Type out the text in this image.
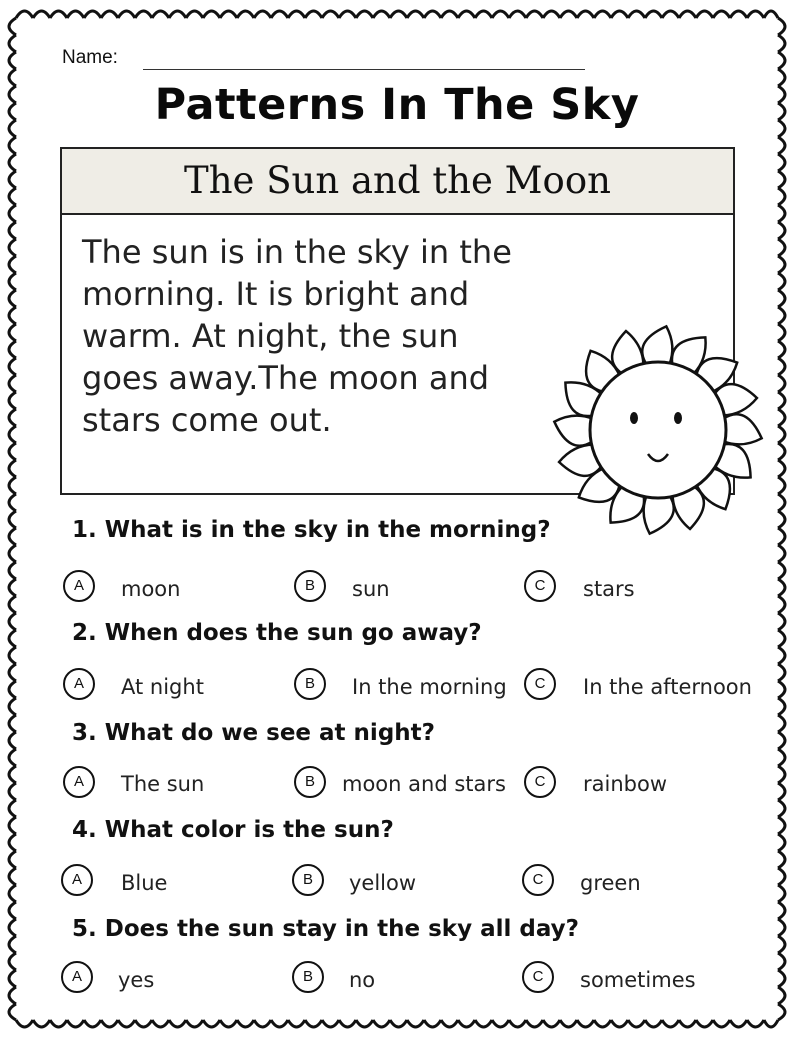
Name:
Patterns In The Sky
The Sun and the Moon
The sun is in the sky in the
morning. It is bright and
warm. At night, the sun
goes away.The moon and
stars come out.
1. What is in the sky in the morning?
A	moon	B	sun	C	stars
2. When does the sun go away?
A	At night	B	In the morning	C	In the afternoon
3. What do we see at night?
A	The sun	B	moon and stars	C	rainbow
4. What color is the sun?
A	Blue	B	yellow	C	green
5. Does the sun stay in the sky all day?
A	yes	B	no	C	sometimes
